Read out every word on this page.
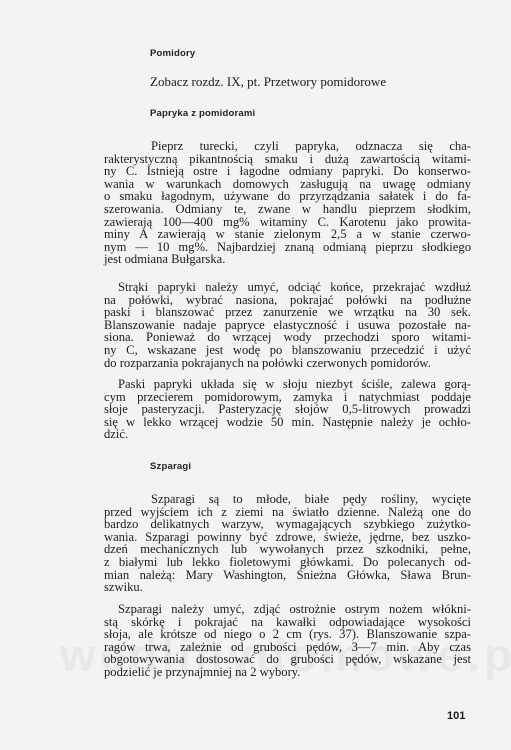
Pomidory
Zobacz rozdz. IX, pt. Przetwory pomidorowe
Papryka z pomidorami
Pieprz turecki, czyli papryka, odznacza się cha-
rakterystyczną pikantnością smaku i dużą zawartością witami-
ny C. Istnieją ostre i łagodne odmiany papryki. Do konserwo-
wania w warunkach domowych zasługują na uwagę odmiany
o smaku łagodnym, używane do przyrządzania sałatek i do fa-
szerowania. Odmiany te, zwane w handlu pieprzem słodkim,
zawierają 100—400 mg% witaminy C. Karotenu jako prowita-
miny A zawierają w stanie zielonym 2,5 a w stanie czerwo-
nym — 10 mg%. Najbardziej znaną odmianą pieprzu słodkiego
jest odmiana Bułgarska.
Strąki papryki należy umyć, odciąć końce, przekrajać wzdłuż
na połówki, wybrać nasiona, pokrajać połówki na podłużne
paski i blanszować przez zanurzenie we wrzątku na 30 sek.
Blanszowanie nadaje papryce elastyczność i usuwa pozostałe na-
siona. Ponieważ do wrzącej wody przechodzi sporo witami-
ny C, wskazane jest wodę po blanszowaniu przecedzić i użyć
do rozparzania pokrajanych na połówki czerwonych pomidorów.
Paski papryki układa się w słoju niezbyt ściśle, zalewa gorą-
cym przecierem pomidorowym, zamyka i natychmiast poddaje
słoje pasteryzacji. Pasteryzację słojów 0,5-litrowych prowadzi
się w lekko wrzącej wodzie 50 min. Następnie należy je ochło-
dzić.
Szparagi
Szparagi są to młode, białe pędy rośliny, wycięte
przed wyjściem ich z ziemi na światło dzienne. Należą one do
bardzo delikatnych warzyw, wymagających szybkiego zużytko-
wania. Szparagi powinny być zdrowe, świeże, jędrne, bez uszko-
dzeń mechanicznych lub wywołanych przez szkodniki, pełne,
z białymi lub lekko fioletowymi główkami. Do polecanych od-
mian należą: Mary Washington, Śnieżna Główka, Sława Brun-
szwiku.
Szparagi należy umyć, zdjąć ostrożnie ostrym nożem włókni-
stą skórkę i pokrajać na kawałki odpowiadające wysokości
słoja, ale krótsze od niego o 2 cm (rys. 37). Blanszowanie szpa-
ragów trwa, zależnie od grubości pędów, 3—7 min. Aby czas
obgotowywania dostosować do grubości pędów, wskazane jest
podzielić je przynajmniej na 2 wybory.
101
